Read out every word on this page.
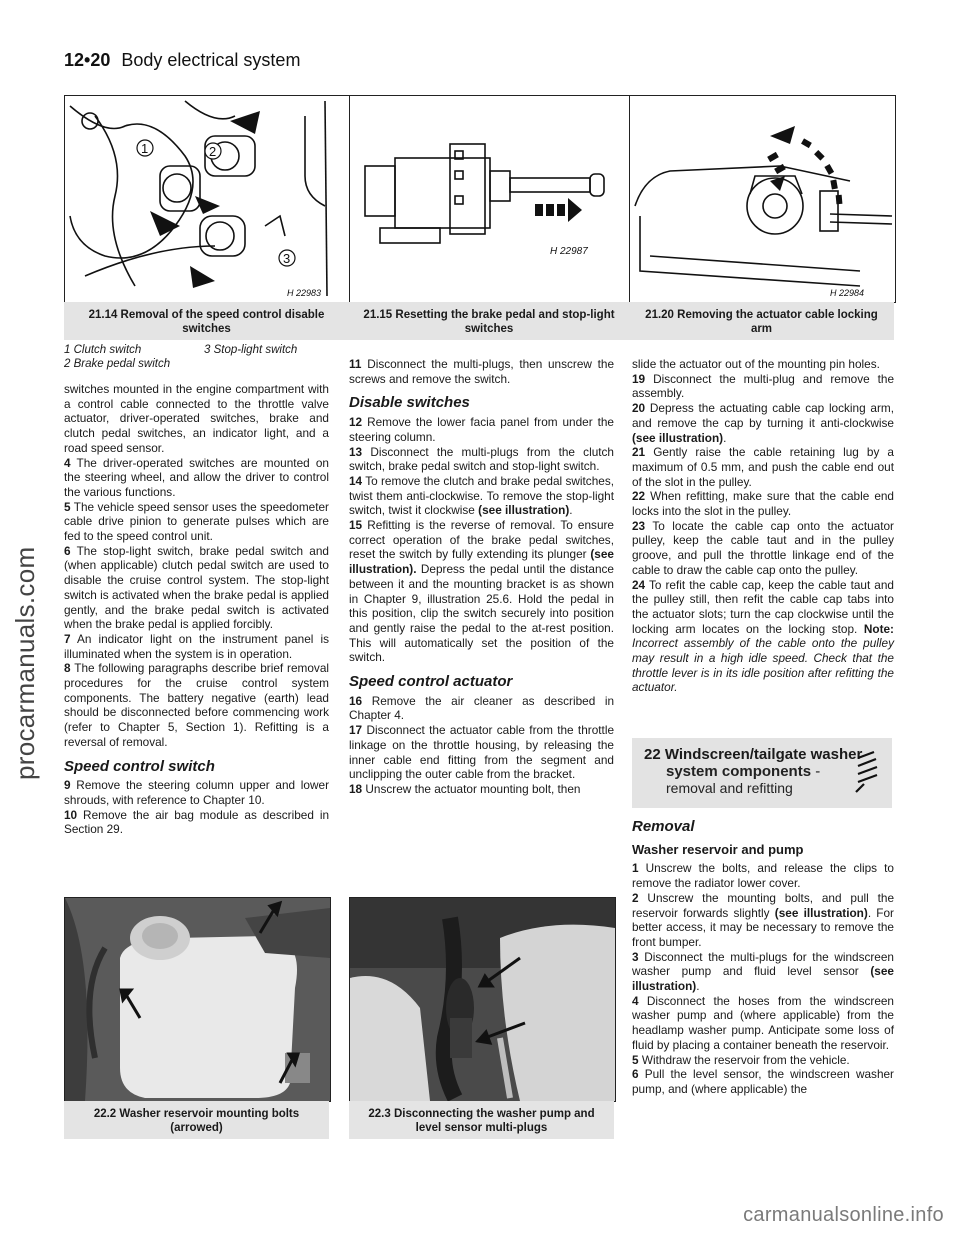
12•20 Body electrical system
procarmanuals.com
1	2
3
H 22983
21.14 Removal of the speed control disable switches
1 Clutch switch	3 Stop-light switch
2 Brake pedal switch
H 22987
21.15 Resetting the brake pedal and stop-light switches
H 22984
21.20 Removing the actuator cable locking arm

switches mounted in the engine compartment with a control cable connected to the throttle valve actuator, driver-operated switches, brake and clutch pedal switches, an indicator light, and a road speed sensor.

4 The driver-operated switches are mounted on the steering wheel, and allow the driver to control the various functions.

5 The vehicle speed sensor uses the speedometer cable drive pinion to generate pulses which are fed to the speed control unit.

6 The stop-light switch, brake pedal switch and (when applicable) clutch pedal switch are used to disable the cruise control system. The stop-light switch is activated when the brake pedal is applied gently, and the brake pedal switch is activated when the brake pedal is applied forcibly.

7 An indicator light on the instrument panel is illuminated when the system is in operation.

8 The following paragraphs describe brief removal procedures for the cruise control system components. The battery negative (earth) lead should be disconnected before commencing work (refer to Chapter 5, Section 1). Refitting is a reversal of removal.

Speed control switch

9 Remove the steering column upper and lower shrouds, with reference to Chapter 10.

10 Remove the air bag module as described in Section 29.

11 Disconnect the multi-plugs, then unscrew the screws and remove the switch.

Disable switches

12 Remove the lower facia panel from under the steering column.

13 Disconnect the multi-plugs from the clutch switch, brake pedal switch and stop-light switch.

14 To remove the clutch and brake pedal switches, twist them anti-clockwise. To remove the stop-light switch, twist it clockwise (see illustration).

15 Refitting is the reverse of removal. To ensure correct operation of the brake pedal switches, reset the switch by fully extending its plunger (see illustration). Depress the pedal until the distance between it and the mounting bracket is as shown in Chapter 9, illustration 25.6. Hold the pedal in this position, clip the switch securely into position and gently raise the pedal to the at-rest position. This will automatically set the position of the switch.

Speed control actuator

16 Remove the air cleaner as described in Chapter 4.

17 Disconnect the actuator cable from the throttle linkage on the throttle housing, by releasing the inner cable end fitting from the segment and unclipping the outer cable from the bracket.

18 Unscrew the actuator mounting bolt, then

slide the actuator out of the mounting pin holes.

19 Disconnect the multi-plug and remove the assembly.

20 Depress the actuating cable cap locking arm, and remove the cap by turning it anti-clockwise (see illustration).

21 Gently raise the cable retaining lug by a maximum of 0.5 mm, and push the cable end out of the slot in the pulley.

22 When refitting, make sure that the cable end locks into the slot in the pulley.

23 To locate the cable cap onto the actuator pulley, keep the cable taut and in the pulley groove, and pull the throttle linkage end of the cable to draw the cable cap onto the pulley.

24 To refit the cable cap, keep the cable taut and the pulley still, then refit the cable cap tabs into the actuator slots; turn the cap clockwise until the locking arm locates on the locking stop. Note: Incorrect assembly of the cable onto the pulley may result in a high idle speed. Check that the throttle lever is in its idle position after refitting the actuator.

22 Windscreen/tailgate washer
system components -
removal and refitting
Removal
Washer reservoir and pump

1 Unscrew the bolts, and release the clips to remove the radiator lower cover.

2 Unscrew the mounting bolts, and pull the reservoir forwards slightly (see illustration). For better access, it may be necessary to remove the front bumper.

3 Disconnect the multi-plugs for the windscreen washer pump and fluid level sensor (see illustration).

4 Disconnect the hoses from the windscreen washer pump and (where applicable) from the headlamp washer pump. Anticipate some loss of fluid by placing a container beneath the reservoir.

5 Withdraw the reservoir from the vehicle.

6 Pull the level sensor, the windscreen washer pump, and (where applicable) the

22.2 Washer reservoir mounting bolts (arrowed)
22.3 Disconnecting the washer pump and level sensor multi-plugs
carmanualsonline.info
